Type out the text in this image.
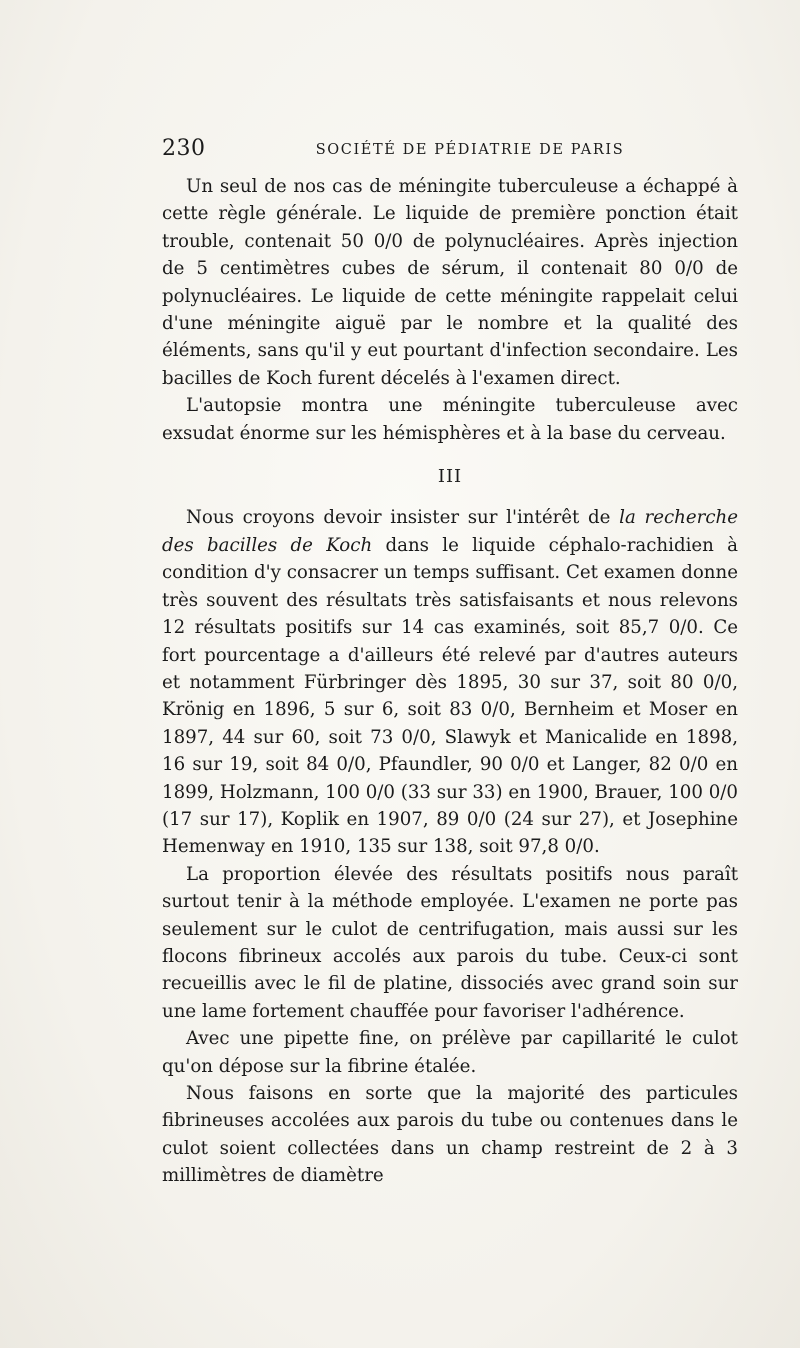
230	SOCIÉTÉ DE PÉDIATRIE DE PARIS

Un seul de nos cas de méningite tuberculeuse a échappé à cette règle générale. Le liquide de première ponction était trouble, contenait 50 0/0 de polynucléaires. Après injection de 5 centimètres cubes de sérum, il contenait 80 0/0 de polynucléaires. Le liquide de cette méningite rappelait celui d'une méningite aiguë par le nombre et la qualité des éléments, sans qu'il y eut pourtant d'infection secondaire. Les bacilles de Koch furent décelés à l'examen direct.

L'autopsie montra une méningite tuberculeuse avec exsudat énorme sur les hémisphères et à la base du cerveau.

III

Nous croyons devoir insister sur l'intérêt de la recherche des bacilles de Koch dans le liquide céphalo-rachidien à condition d'y consacrer un temps suffisant. Cet examen donne très souvent des résultats très satisfaisants et nous relevons 12 résultats positifs sur 14 cas examinés, soit 85,7 0/0. Ce fort pourcentage a d'ailleurs été relevé par d'autres auteurs et notamment Fürbringer dès 1895, 30 sur 37, soit 80 0/0, Krönig en 1896, 5 sur 6, soit 83 0/0, Bernheim et Moser en 1897, 44 sur 60, soit 73 0/0, Slawyk et Manicalide en 1898, 16 sur 19, soit 84 0/0, Pfaundler, 90 0/0 et Langer, 82 0/0 en 1899, Holzmann, 100 0/0 (33 sur 33) en 1900, Brauer, 100 0/0 (17 sur 17), Koplik en 1907, 89 0/0 (24 sur 27), et Josephine Hemenway en 1910, 135 sur 138, soit 97,8 0/0.

La proportion élevée des résultats positifs nous paraît surtout tenir à la méthode employée. L'examen ne porte pas seulement sur le culot de centrifugation, mais aussi sur les flocons fibrineux accolés aux parois du tube. Ceux-ci sont recueillis avec le fil de platine, dissociés avec grand soin sur une lame fortement chauffée pour favoriser l'adhérence.

Avec une pipette fine, on prélève par capillarité le culot qu'on dépose sur la fibrine étalée.

Nous faisons en sorte que la majorité des particules fibrineuses accolées aux parois du tube ou contenues dans le culot soient collectées dans un champ restreint de 2 à 3 millimètres de diamètre
